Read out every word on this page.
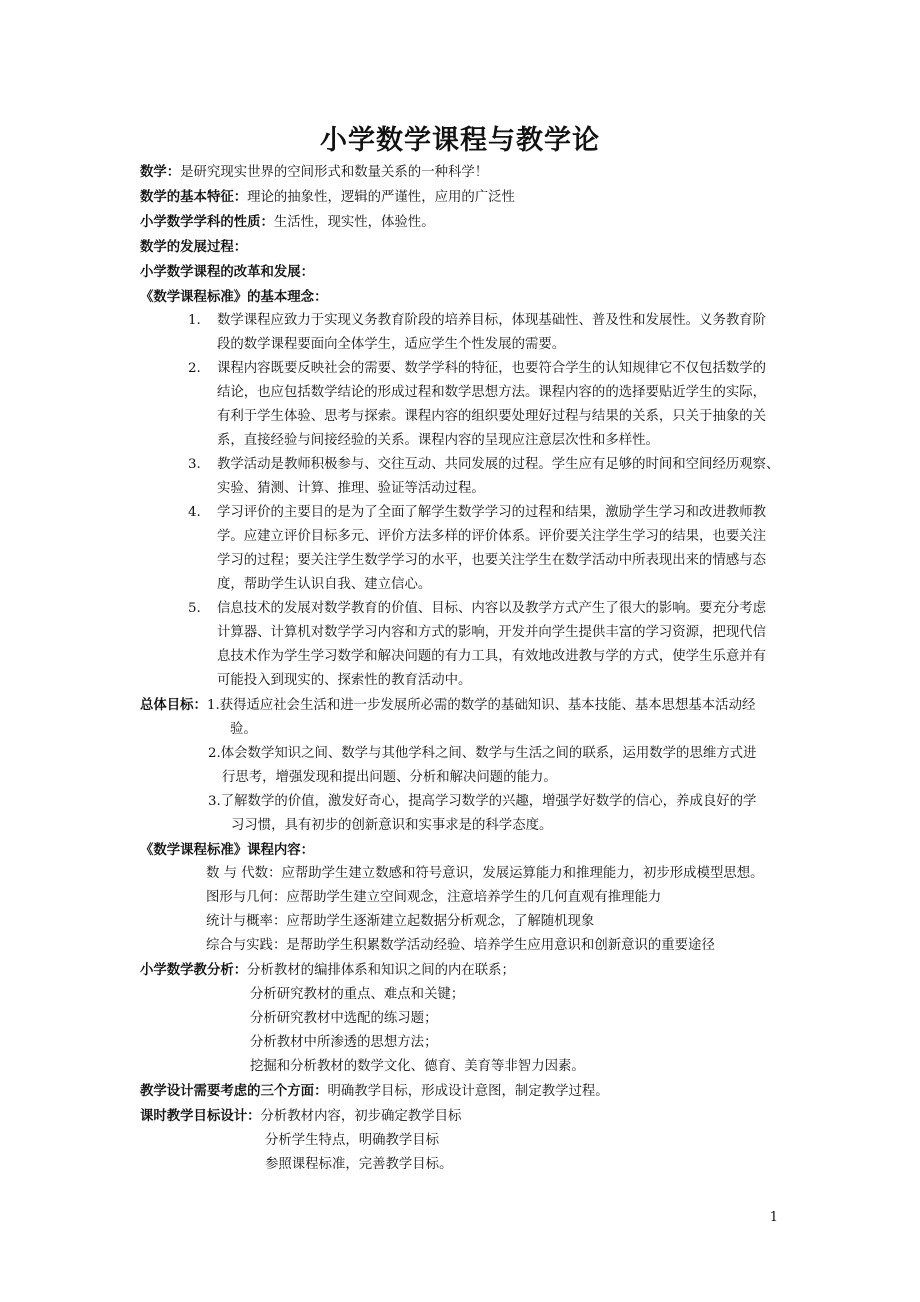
小学数学课程与教学论
数学：是研究现实世界的空间形式和数量关系的一种科学！
数学的基本特征：理论的抽象性，逻辑的严谨性，应用的广泛性
小学数学学科的性质：生活性，现实性，体验性。
数学的发展过程：
小学数学课程的改革和发展：
《数学课程标准》的基本理念：
1. 数学课程应致力于实现义务教育阶段的培养目标，体现基础性、普及性和发展性。义务教育阶
段的数学课程要面向全体学生，适应学生个性发展的需要。
2. 课程内容既要反映社会的需要、数学学科的特征，也要符合学生的认知规律它不仅包括数学的
结论，也应包括数学结论的形成过程和数学思想方法。课程内容的的选择要贴近学生的实际，
有利于学生体验、思考与探索。课程内容的组织要处理好过程与结果的关系，只关于抽象的关
系，直接经验与间接经验的关系。课程内容的呈现应注意层次性和多样性。
3. 教学活动是教师积极参与、交往互动、共同发展的过程。学生应有足够的时间和空间经历观察、
实验、猜测、计算、推理、验证等活动过程。
4. 学习评价的主要目的是为了全面了解学生数学学习的过程和结果，激励学生学习和改进教师教
学。应建立评价目标多元、评价方法多样的评价体系。评价要关注学生学习的结果，也要关注
学习的过程；要关注学生数学学习的水平，也要关注学生在数学活动中所表现出来的情感与态
度，帮助学生认识自我、建立信心。
5. 信息技术的发展对数学教育的价值、目标、内容以及教学方式产生了很大的影响。要充分考虑
计算器、计算机对数学学习内容和方式的影响，开发并向学生提供丰富的学习资源，把现代信
息技术作为学生学习数学和解决问题的有力工具，有效地改进教与学的方式，使学生乐意并有
可能投入到现实的、探索性的教育活动中。
总体目标：1.获得适应社会生活和进一步发展所必需的数学的基础知识、基本技能、基本思想基本活动经
验。
2.体会数学知识之间、数学与其他学科之间、数学与生活之间的联系，运用数学的思维方式进
行思考，增强发现和提出问题、分析和解决问题的能力。
3.了解数学的价值，激发好奇心，提高学习数学的兴趣，增强学好数学的信心，养成良好的学
习习惯，具有初步的创新意识和实事求是的科学态度。
《数学课程标准》课程内容：
数 与 代数：应帮助学生建立数感和符号意识，发展运算能力和推理能力，初步形成模型思想。
图形与几何：应帮助学生建立空间观念，注意培养学生的几何直观有推理能力
统计与概率：应帮助学生逐渐建立起数据分析观念，了解随机现象
综合与实践：是帮助学生积累数学活动经验、培养学生应用意识和创新意识的重要途径
小学数学教分析：分析教材的编排体系和知识之间的内在联系；
分析研究教材的重点、难点和关键；
分析研究教材中选配的练习题；
分析教材中所渗透的思想方法；
挖掘和分析教材的数学文化、德育、美育等非智力因素。
教学设计需要考虑的三个方面：明确教学目标，形成设计意图，制定教学过程。
课时教学目标设计：分析教材内容，初步确定教学目标
分析学生特点，明确教学目标
参照课程标准，完善教学目标。
1
